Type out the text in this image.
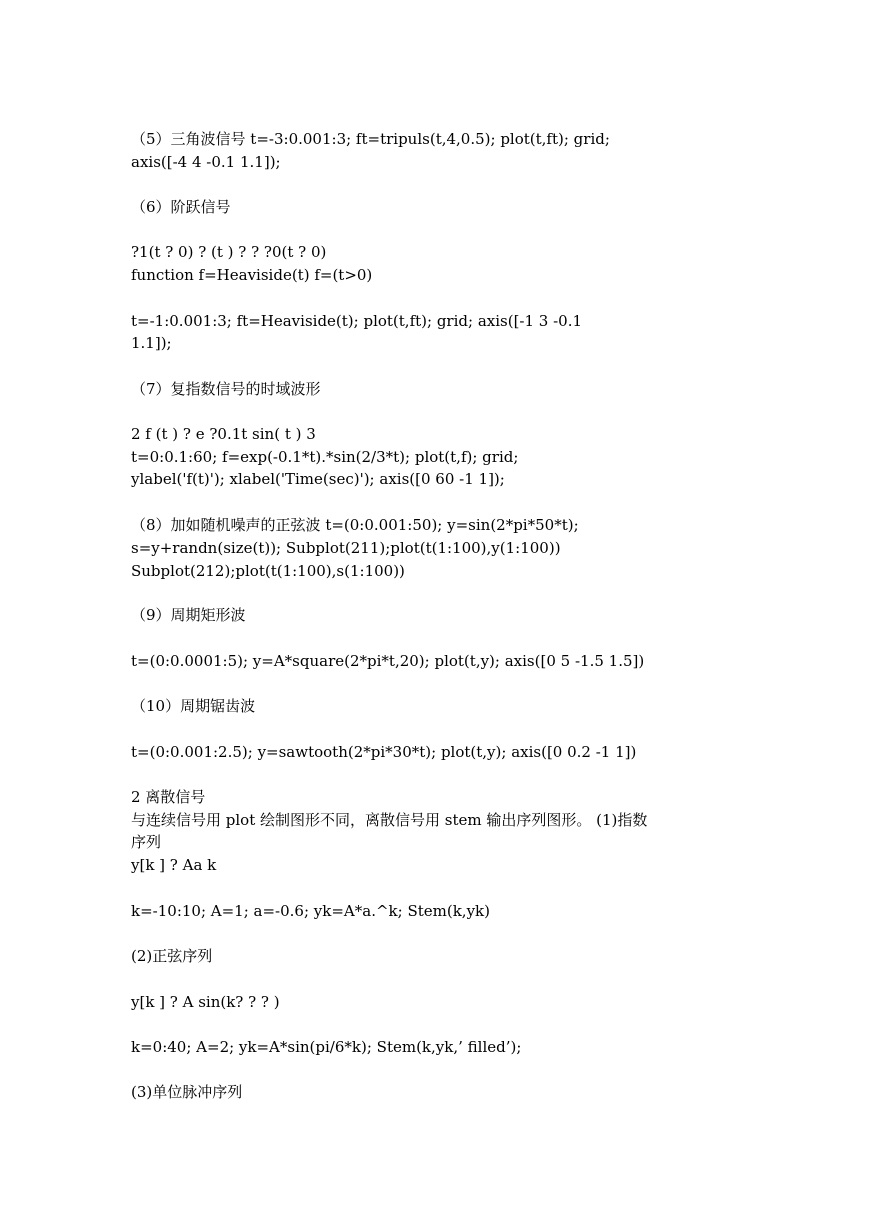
（5）三角波信号 t=-3:0.001:3; ft=tripuls(t,4,0.5); plot(t,ft); grid;
axis([-4 4 -0.1 1.1]);
（6）阶跃信号
?1(t ? 0) ? (t ) ? ? ?0(t ? 0)
function f=Heaviside(t) f=(t>0)
t=-1:0.001:3; ft=Heaviside(t); plot(t,ft); grid; axis([-1 3 -0.1
1.1]);
（7）复指数信号的时域波形
2 f (t ) ? e ?0.1t sin( t ) 3
t=0:0.1:60; f=exp(-0.1*t).*sin(2/3*t); plot(t,f); grid;
ylabel('f(t)'); xlabel('Time(sec)'); axis([0 60 -1 1]);
（8）加如随机噪声的正弦波 t=(0:0.001:50); y=sin(2*pi*50*t);
s=y+randn(size(t)); Subplot(211);plot(t(1:100),y(1:100))
Subplot(212);plot(t(1:100),s(1:100))
（9）周期矩形波
t=(0:0.0001:5); y=A*square(2*pi*t,20); plot(t,y); axis([0 5 -1.5 1.5])
（10）周期锯齿波
t=(0:0.001:2.5); y=sawtooth(2*pi*30*t); plot(t,y); axis([0 0.2 -1 1])
2 离散信号
与连续信号用 plot 绘制图形不同，离散信号用 stem 输出序列图形。 (1)指数
序列
y[k ] ? Aa k
k=-10:10; A=1; a=-0.6; yk=A*a.^k; Stem(k,yk)
(2)正弦序列
y[k ] ? A sin(k? ? ? )
k=0:40; A=2; yk=A*sin(pi/6*k); Stem(k,yk,’ filled’);
(3)单位脉冲序列
